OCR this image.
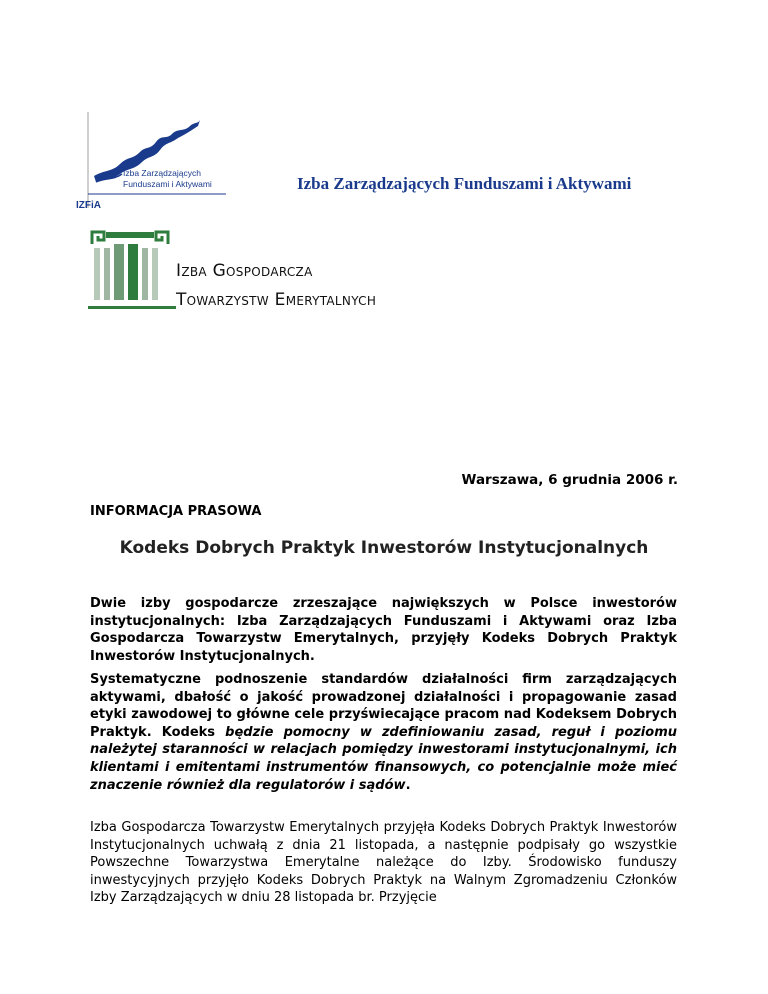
Izba Zarządzających
Funduszami i Aktywami
IZFiA
Izba Zarządzających Funduszami i Aktywami
Izba Gospodarcza
Towarzystw Emerytalnych
Warszawa, 6 grudnia 2006 r.
INFORMACJA PRASOWA
Kodeks Dobrych Praktyk Inwestorów Instytucjonalnych
Dwie izby gospodarcze zrzeszające największych w Polsce inwestorów instytucjonalnych: Izba Zarządzających Funduszami i Aktywami oraz Izba Gospodarcza Towarzystw Emerytalnych, przyjęły Kodeks Dobrych Praktyk Inwestorów Instytucjonalnych.
Systematyczne podnoszenie standardów działalności firm zarządzających aktywami, dbałość o jakość prowadzonej działalności i propagowanie zasad etyki zawodowej to główne cele przyświecające pracom nad Kodeksem Dobrych Praktyk. Kodeks będzie pomocny w zdefiniowaniu zasad, reguł i poziomu należytej staranności w relacjach pomiędzy inwestorami instytucjonalnymi, ich klientami i emitentami instrumentów finansowych, co potencjalnie może mieć znaczenie również dla regulatorów i sądów.
Izba Gospodarcza Towarzystw Emerytalnych przyjęła Kodeks Dobrych Praktyk Inwestorów Instytucjonalnych uchwałą z dnia 21 listopada, a następnie podpisały go wszystkie Powszechne Towarzystwa Emerytalne należące do Izby. Środowisko funduszy inwestycyjnych przyjęło Kodeks Dobrych Praktyk na Walnym Zgromadzeniu Członków Izby Zarządzających w dniu 28 listopada br. Przyjęcie
